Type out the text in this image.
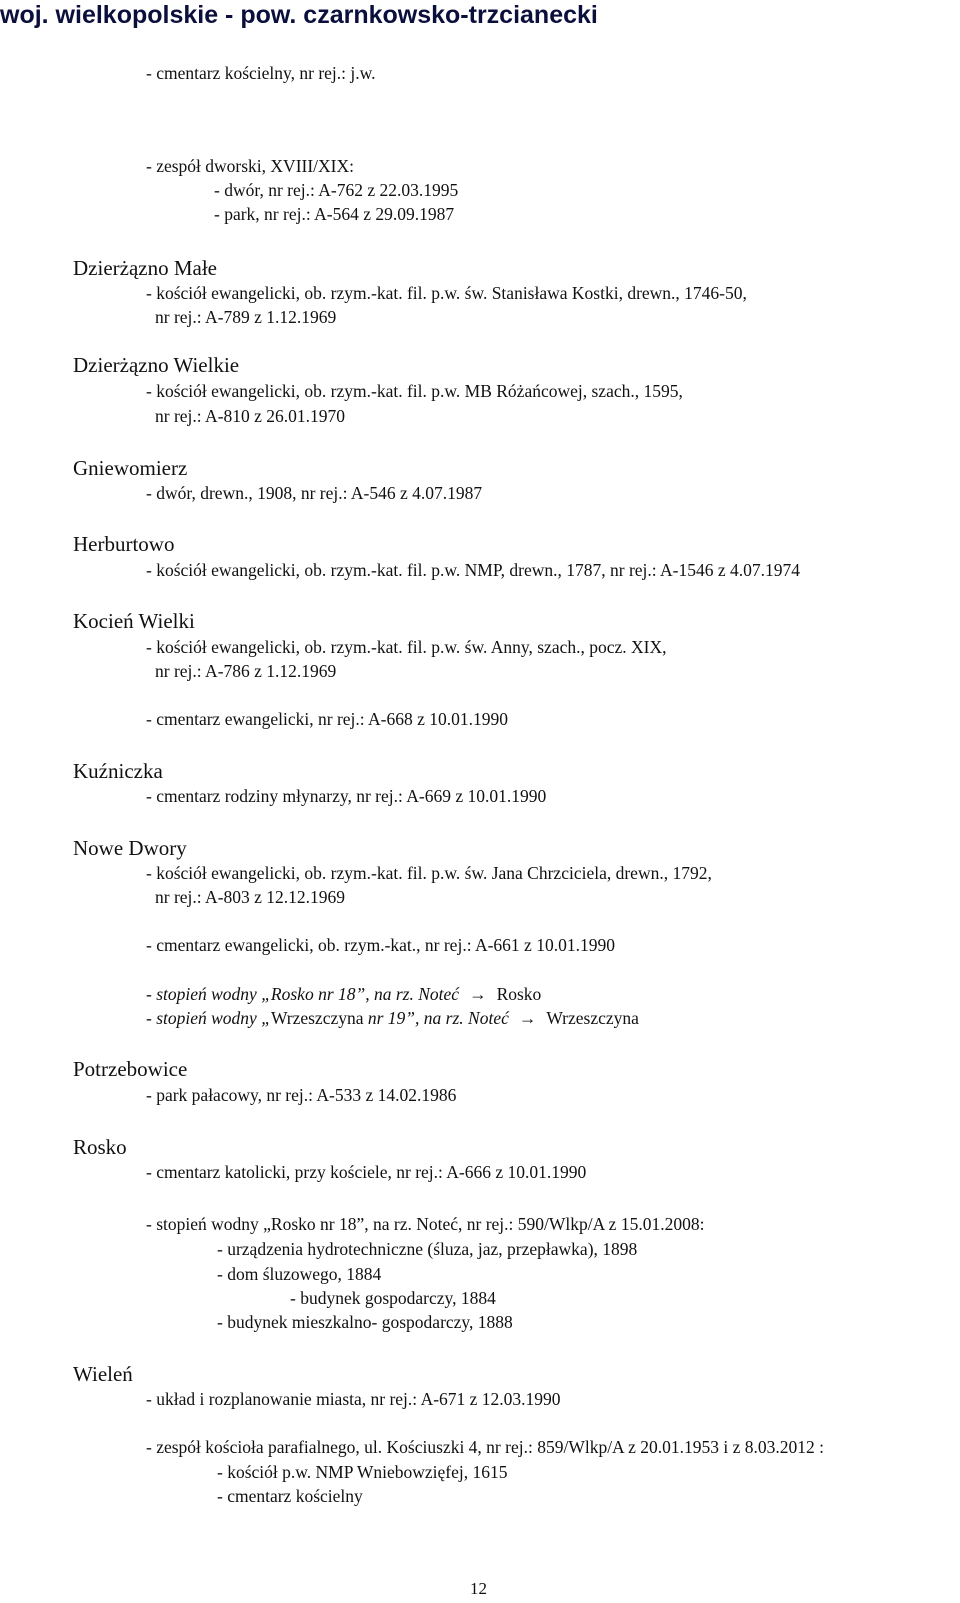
woj. wielkopolskie - pow. czarnkowsko-trzcianecki
- cmentarz kościelny, nr rej.: j.w.
- zespół dworski, XVIII/XIX:
- dwór, nr rej.: A-762 z 22.03.1995
- park, nr rej.: A-564 z 29.09.1987
Dzierżązno Małe
- kościół ewangelicki, ob. rzym.-kat. fil. p.w. św. Stanisława Kostki, drewn., 1746-50,
nr rej.: A-789 z 1.12.1969
Dzierżązno Wielkie
- kościół ewangelicki, ob. rzym.-kat. fil. p.w. MB Różańcowej, szach., 1595,
nr rej.: A-810 z 26.01.1970
Gniewomierz
- dwór, drewn., 1908, nr rej.: A-546 z 4.07.1987
Herburtowo
- kościół ewangelicki, ob. rzym.-kat. fil. p.w. NMP, drewn., 1787, nr rej.: A-1546 z 4.07.1974
Kocień Wielki
- kościół ewangelicki, ob. rzym.-kat. fil. p.w. św. Anny, szach., pocz. XIX,
nr rej.: A-786 z 1.12.1969
- cmentarz ewangelicki, nr rej.: A-668 z 10.01.1990
Kuźniczka
- cmentarz rodziny młynarzy, nr rej.: A-669 z 10.01.1990
Nowe Dwory
- kościół ewangelicki, ob. rzym.-kat. fil. p.w. św. Jana Chrzciciela, drewn., 1792,
nr rej.: A-803 z 12.12.1969
- cmentarz ewangelicki, ob. rzym.-kat., nr rej.: A-661 z 10.01.1990
- stopień wodny „Rosko nr 18”, na rz. Noteć → Rosko
- stopień wodny „Wrzeszczyna nr 19”, na rz. Noteć → Wrzeszczyna
Potrzebowice
- park pałacowy, nr rej.: A-533 z 14.02.1986
Rosko
- cmentarz katolicki, przy kościele, nr rej.: A-666 z 10.01.1990
- stopień wodny „Rosko nr 18”, na rz. Noteć, nr rej.: 590/Wlkp/A z 15.01.2008:
- urządzenia hydrotechniczne (śluza, jaz, przepławka), 1898
- dom śluzowego, 1884
- budynek gospodarczy, 1884
- budynek mieszkalno- gospodarczy, 1888
Wieleń
- układ i rozplanowanie miasta, nr rej.: A-671 z 12.03.1990
- zespół kościoła parafialnego, ul. Kościuszki 4, nr rej.: 859/Wlkp/A z 20.01.1953 i z 8.03.2012 :
- kościół p.w. NMP Wniebowzięfej, 1615
- cmentarz kościelny
12
